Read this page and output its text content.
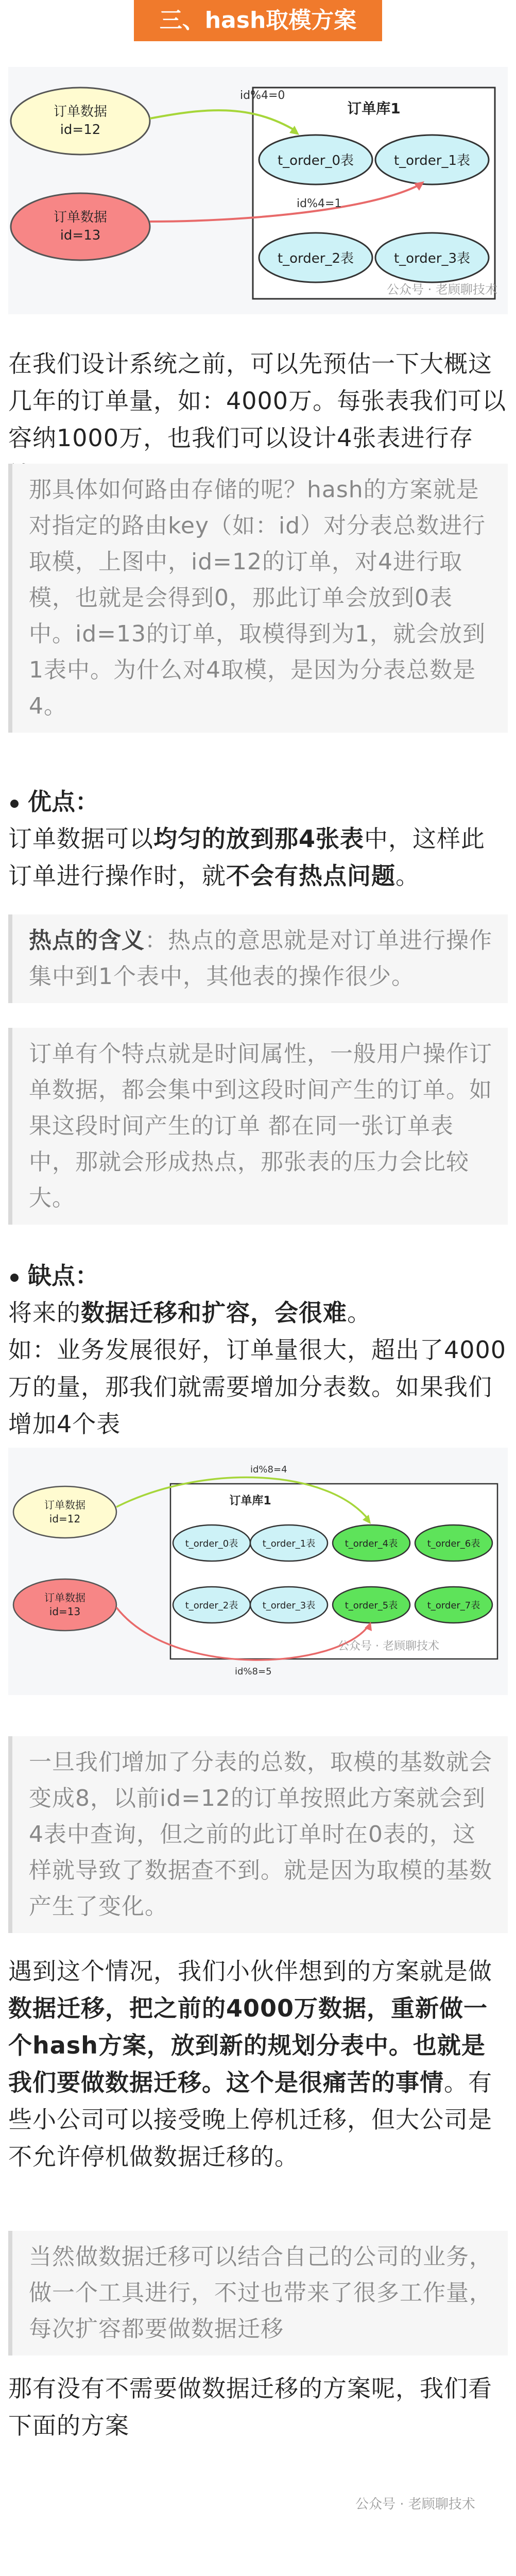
三、hash取模方案
订单数据
id=12
订单数据
id=13
订单库1
t_order_0表	t_order_1表
t_order_2表	t_order_3表
id%4=0
id%4=1
公众号 · 老顾聊技术
在我们设计系统之前，可以先预估一下大概这几年的订单量，如：4000万。每张表我们可以容纳1000万，也我们可以设计4张表进行存
那具体如何路由存储的呢？hash的方案就是对指定的路由key（如：id）对分表总数进行取模，上图中，id=12的订单，对4进行取模，也就是会得到0，那此订单会放到0表中。id=13的订单，取模得到为1，就会放到1表中。为什么对4取模，是因为分表总数是4。
优点：
订单数据可以均匀的放到那4张表中，这样此订单进行操作时，就不会有热点问题。
热点的含义：热点的意思就是对订单进行操作集中到1个表中，其他表的操作很少。
订单有个特点就是时间属性，一般用户操作订单数据，都会集中到这段时间产生的订单。如果这段时间产生的订单 都在同一张订单表中，那就会形成热点，那张表的压力会比较大。
缺点：
将来的数据迁移和扩容，会很难。
如：业务发展很好，订单量很大，超出了4000万的量，那我们就需要增加分表数。如果我们增加4个表
订单数据
id=12
订单数据
id=13
订单库1
t_order_0表	t_order_1表	t_order_4表	t_order_6表
t_order_2表	t_order_3表	t_order_5表	t_order_7表
id%8=4
id%8=5
公众号 · 老顾聊技术
一旦我们增加了分表的总数，取模的基数就会变成8，以前id=12的订单按照此方案就会到4表中查询，但之前的此订单时在0表的，这样就导致了数据查不到。就是因为取模的基数产生了变化。
遇到这个情况，我们小伙伴想到的方案就是做数据迁移，把之前的4000万数据，重新做一个hash方案，放到新的规划分表中。也就是我们要做数据迁移。这个是很痛苦的事情。有些小公司可以接受晚上停机迁移，但大公司是不允许停机做数据迁移的。
当然做数据迁移可以结合自己的公司的业务，做一个工具进行，不过也带来了很多工作量，每次扩容都要做数据迁移
那有没有不需要做数据迁移的方案呢，我们看下面的方案
公众号 · 老顾聊技术
